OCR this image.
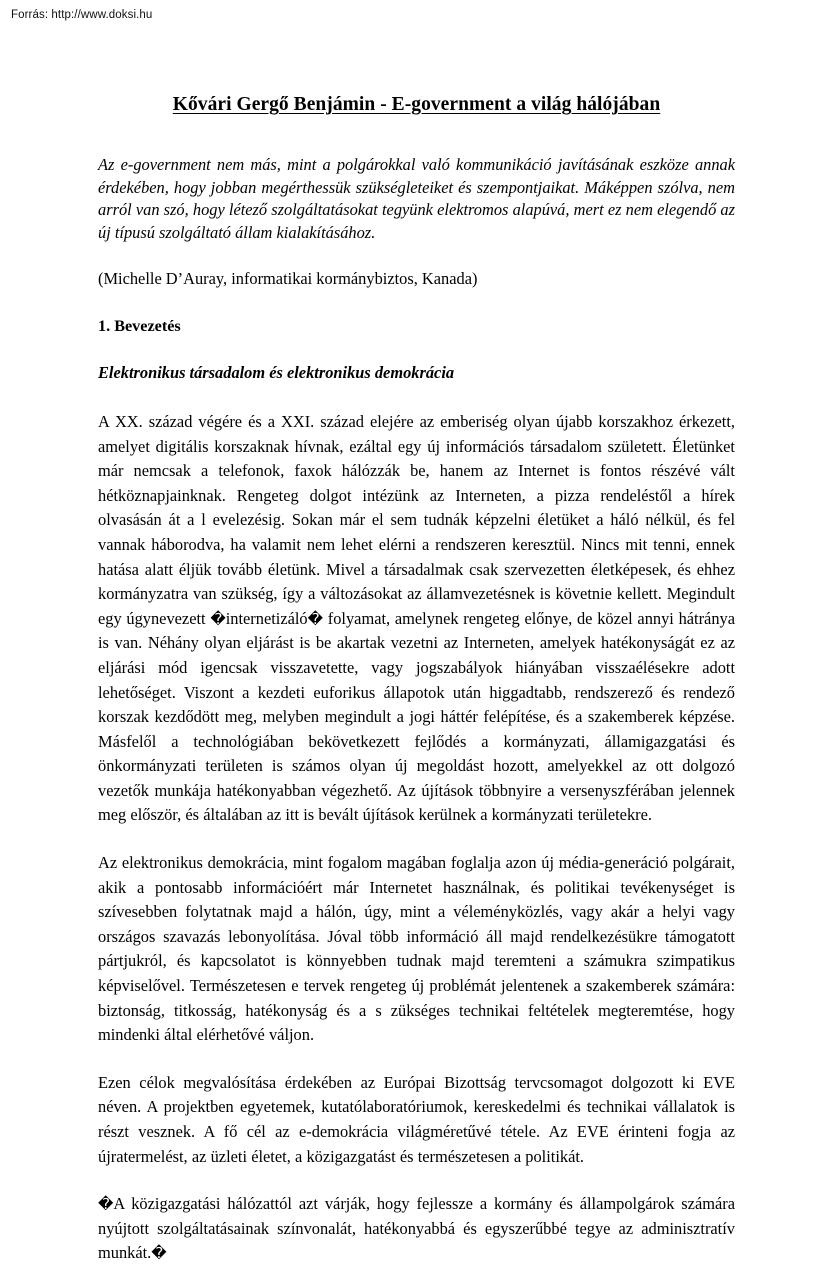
Forrás: http://www.doksi.hu
Kővári Gergő Benjámin - E-government a világ hálójában

Az e-government nem más, mint a polgárokkal való kommunikáció javításának eszköze annak érdekében, hogy jobban megérthessük szükségleteiket és szempontjaikat. Máképpen szólva, nem arról van szó, hogy létező szolgáltatásokat tegyünk elektromos alapúvá, mert ez nem elegendő az új típusú szolgáltató állam kialakításához.

(Michelle D’Auray, informatikai kormánybiztos, Kanada)

1. Bevezetés
Elektronikus társadalom és elektronikus demokrácia

A XX. század végére és a XXI. század elejére az emberiség olyan újabb korszakhoz érkezett, amelyet digitális korszaknak hívnak, ezáltal egy új információs társadalom született. Életünket már nemcsak a telefonok, faxok hálózzák be, hanem az Internet is fontos részévé vált hétköznapjainknak. Rengeteg dolgot intézünk az Interneten, a pizza rendeléstől a hírek olvasásán át a l evelezésig. Sokan már el sem tudnák képzelni életüket a háló nélkül, és fel vannak háborodva, ha valamit nem lehet elérni a rendszeren keresztül. Nincs mit tenni, ennek hatása alatt éljük tovább életünk. Mivel a társadalmak csak szervezetten életképesek, és ehhez kormányzatra van szükség, így a változásokat az államvezetésnek is követnie kellett. Megindult egy úgynevezett �internetizáló� folyamat, amelynek rengeteg előnye, de közel annyi hátránya is van. Néhány olyan eljárást is be akartak vezetni az Interneten, amelyek hatékonyságát ez az eljárási mód igencsak visszavetette, vagy jogszabályok hiányában visszaélésekre adott lehetőséget. Viszont a kezdeti euforikus állapotok után higgadtabb, rendszerező és rendező korszak kezdődött meg, melyben megindult a jogi háttér felépítése, és a szakemberek képzése. Másfelől a technológiában bekövetkezett fejlődés a kormányzati, államigazgatási és önkormányzati területen is számos olyan új megoldást hozott, amelyekkel az ott dolgozó vezetők munkája hatékonyabban végezhető. Az újítások többnyire a versenyszférában jelennek meg először, és általában az itt is bevált újítások kerülnek a kormányzati területekre.

Az elektronikus demokrácia, mint fogalom magában foglalja azon új média-generáció polgárait, akik a pontosabb információért már Internetet használnak, és politikai tevékenységet is szívesebben folytatnak majd a hálón, úgy, mint a véleményközlés, vagy akár a helyi vagy országos szavazás lebonyolítása. Jóval több információ áll majd rendelkezésükre támogatott pártjukról, és kapcsolatot is könnyebben tudnak majd teremteni a számukra szimpatikus képviselővel. Természetesen e tervek rengeteg új problémát jelentenek a szakemberek számára: biztonság, titkosság, hatékonyság és a s zükséges technikai feltételek megteremtése, hogy mindenki által elérhetővé váljon.

Ezen célok megvalósítása érdekében az Európai Bizottság tervcsomagot dolgozott ki EVE néven. A projektben egyetemek, kutatólaboratóriumok, kereskedelmi és technikai vállalatok is részt vesznek. A fő cél az e-demokrácia világméretűvé tétele. Az EVE érinteni fogja az újratermelést, az üzleti életet, a közigazgatást és természetesen a politikát.

�A közigazgatási hálózattól azt várják, hogy fejlessze a kormány és állampolgárok számára nyújtott szolgáltatásainak színvonalát, hatékonyabbá és egyszerűbbé tegye az adminisztratív munkát.�
